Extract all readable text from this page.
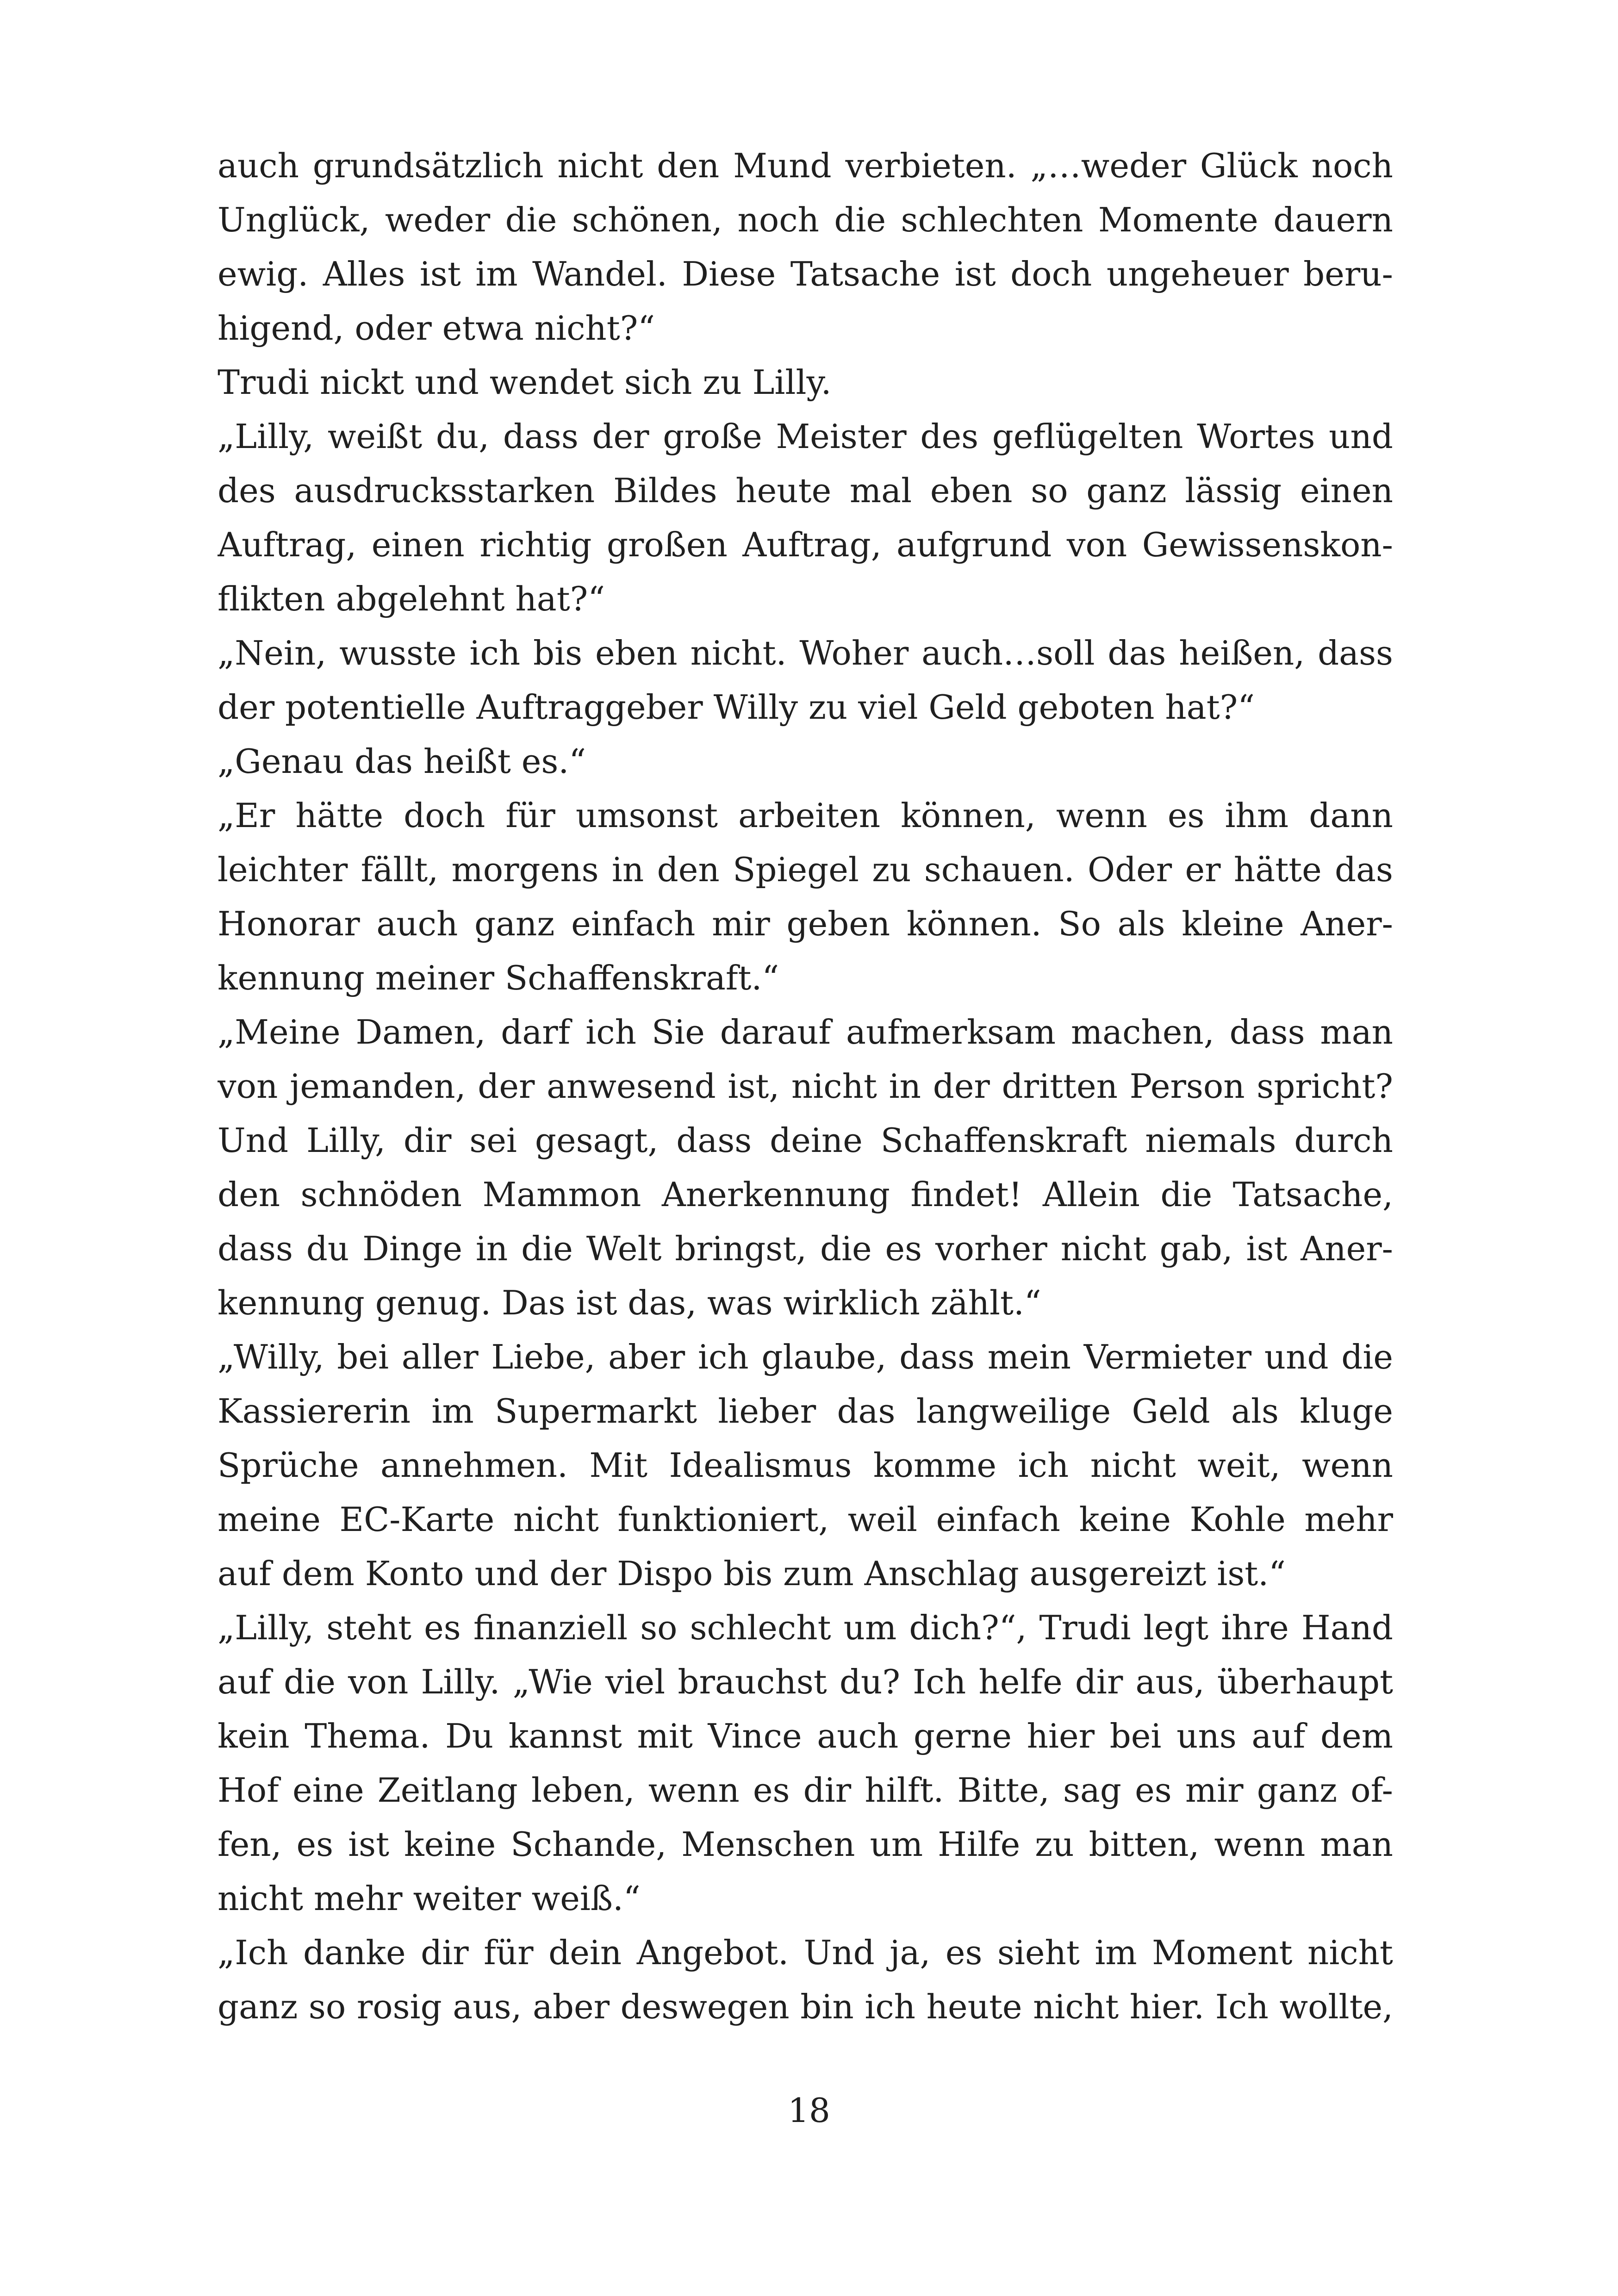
auch grundsätzlich nicht den Mund verbieten. „…weder Glück noch
Unglück, weder die schönen, noch die schlechten Momente dauern
ewig. Alles ist im Wandel. Diese Tatsache ist doch ungeheuer beru-
higend, oder etwa nicht?“
Trudi nickt und wendet sich zu Lilly.
„Lilly, weißt du, dass der große Meister des geflügelten Wortes und
des ausdrucksstarken Bildes heute mal eben so ganz lässig einen
Auftrag, einen richtig großen Auftrag, aufgrund von Gewissenskon-
flikten abgelehnt hat?“
„Nein, wusste ich bis eben nicht. Woher auch…soll das heißen, dass
der potentielle Auftraggeber Willy zu viel Geld geboten hat?“
„Genau das heißt es.“
„Er hätte doch für umsonst arbeiten können, wenn es ihm dann
leichter fällt, morgens in den Spiegel zu schauen. Oder er hätte das
Honorar auch ganz einfach mir geben können. So als kleine Aner-
kennung meiner Schaffenskraft.“
„Meine Damen, darf ich Sie darauf aufmerksam machen, dass man
von jemanden, der anwesend ist, nicht in der dritten Person spricht?
Und Lilly, dir sei gesagt, dass deine Schaffenskraft niemals durch
den schnöden Mammon Anerkennung findet! Allein die Tatsache,
dass du Dinge in die Welt bringst, die es vorher nicht gab, ist Aner-
kennung genug. Das ist das, was wirklich zählt.“
„Willy, bei aller Liebe, aber ich glaube, dass mein Vermieter und die
Kassiererin im Supermarkt lieber das langweilige Geld als kluge
Sprüche annehmen. Mit Idealismus komme ich nicht weit, wenn
meine EC-Karte nicht funktioniert, weil einfach keine Kohle mehr
auf dem Konto und der Dispo bis zum Anschlag ausgereizt ist.“
„Lilly, steht es finanziell so schlecht um dich?“, Trudi legt ihre Hand
auf die von Lilly. „Wie viel brauchst du? Ich helfe dir aus, überhaupt
kein Thema. Du kannst mit Vince auch gerne hier bei uns auf dem
Hof eine Zeitlang leben, wenn es dir hilft. Bitte, sag es mir ganz of-
fen, es ist keine Schande, Menschen um Hilfe zu bitten, wenn man
nicht mehr weiter weiß.“
„Ich danke dir für dein Angebot. Und ja, es sieht im Moment nicht
ganz so rosig aus, aber deswegen bin ich heute nicht hier. Ich wollte,
18
